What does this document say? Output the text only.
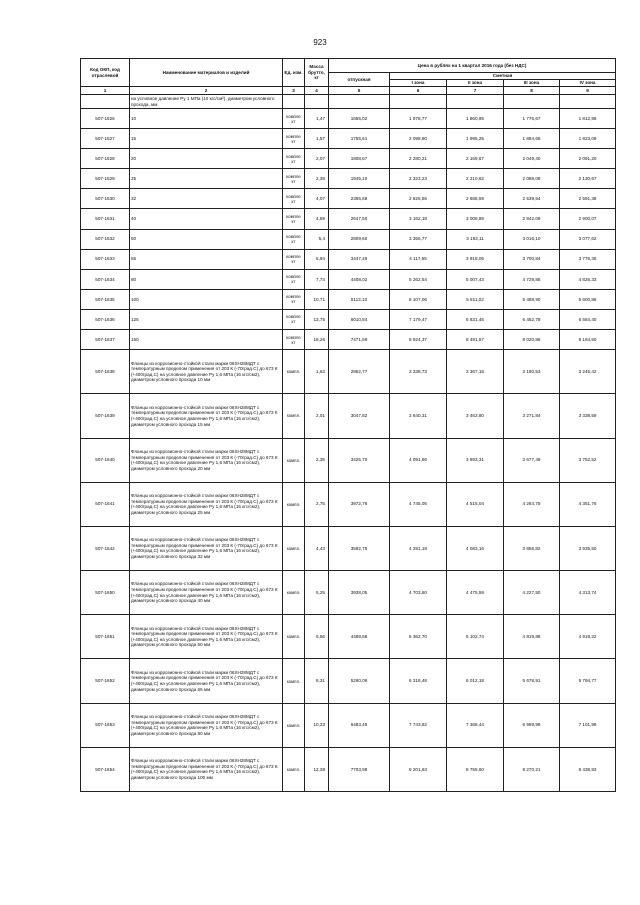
923
Код ОКП, код отраслевой	Наименование материалов и изделий	Ед. изм.	Масса брутто, кг	Цена в рублях на 1 квартал 2016 года (без НДС)				
				отпускная	Сметная			
					I зона	II зона	III зона	IV зона
1	2	3	4	5	6	7	8	9
	на условное давление Ру 1 МПа (10 кгс/см²), диаметром условного прохода, мм							
507-1626	10	компле кт	1,47	1655,02	1 978,77	1 860,95	1 776,67	1 812,98
507-1627	15	компле кт	1,57	1755,61	2 098,90	1 995,25	1 884,65	1 923,09
507-1628	20	компле кт	2,07	1908,67	2 280,21	2 169,67	2 049,40	2 091,20
507-1629	25	компле кт	2,38	1945,10	2 323,23	2 210,62	2 088,08	2 130,67
507-1630	32	компле кт	4,07	2365,68	2 825,56	2 688,59	2 539,54	2 591,38
507-1631	40	компле кт	4,69	2647,50	3 162,18	3 008,89	2 842,09	2 900,07
507-1632	50	компле кт	5,4	2809,60	3 355,77	3 193,11	3 016,10	3 077,62
507-1633	65	компле кт	5,94	3447,46	4 117,65	3 918,05	3 700,84	3 776,35
507-1634	80	компле кт	7,74	4408,02	5 262,54	5 007,43	4 729,85	4 826,33
507-1635	100	компле кт	10,71	5113,10	6 107,06	5 811,02	5 488,90	5 600,86
507-1636	125	компле кт	13,75	6010,84	7 179,47	6 831,46	6 452,78	6 584,40
507-1637	150	компле кт	18,26	7471,69	8 924,37	8 491,57	8 020,86	8 184,50
507-1638	Фланцы из коррозионно-стойкой стали марки 06ХН28МДТ с температурным пределом применения от 203 К (-70град.С) до 673 К (+400град.С) на условное давление Ру 1,6 МПа (16 кгс/см2), диаметром условного прохода 10 мм	компл.	1,63	2862,77	3 338,73	3 367,18	3 180,53	3 245,42
507-1639	Фланцы из коррозионно-стойкой стали марки 06ХН28МДТ с температурным пределом применения от 203 К (-70град.С) до 673 К (+400град.С) на условное давление Ру 1,6 МПа (16 кгс/см2), диаметром условного прохода 15 мм	компл.	2,01	3047,82	3 640,31	3 463,80	3 271,84	3 338,59
507-1640	Фланцы из коррозионно-стойкой стали марки 06ХН28МДТ с температурным пределом применения от 203 К (-70град.С) до 673 К (+400град.С) на условное давление Ру 1,6 МПа (16 кгс/см2), диаметром условного прохода 20 мм	компл.	2,35	3425,70	4 091,66	3 893,31	3 677,49	3 752,52
507-1641	Фланцы из коррозионно-стойкой стали марки 06ХН28МДТ с температурным пределом применения от 203 К (-70град.С) до 673 К (+400град.С) на условное давление Ру 1,6 МПа (16 кгс/см2), диаметром условного прохода 25 мм	компл.	2,75	3972,76	4 745,05	4 515,04	4 264,75	4 351,76
507-1642	Фланцы из коррозионно-стойкой стали марки 06ХН28МДТ с температурным пределом применения от 203 К (-70град.С) до 673 К (+400град.С) на условное давление Ру 1,6 МПа (16 кгс/см2), диаметром условного прохода 32 мм	компл.	4,43	3592,75	4 291,18	4 083,16	3 856,82	3 935,50
507-1650	Фланцы из коррозионно-стойкой стали марки 06ХН28МДТ с температурным пределом применения от 203 К (-70град.С) до 673 К (+400град.С) на условное давление Ру 1,6 МПа (16 кгс/см2), диаметром условного прохода 40 мм	компл.	5,25	3938,05	4 703,60	4 475,59	4 227,50	4 313,74
507-1651	Фланцы из коррозионно-стойкой стали марки 06ХН28МДТ с температурным пределом применения от 203 К (-70град.С) до 673 К (+400град.С) на условное давление Ру 1,6 МПа (16 кгс/см2), диаметром условного прохода 50 мм	компл.	6,56	4489,68	5 362,70	5 102,74	4 819,88	4 918,22
507-1652	Фланцы из коррозионно-стойкой стали марки 06ХН28МДТ с температурным пределом применения от 203 К (-70град.С) до 673 К (+400град.С) на условное давление Ру 1,6 МПа (16 кгс/см2), диаметром условного прохода 65 мм	компл.	8,31	5290,09	6 318,48	6 012,18	5 678,91	5 794,77
507-1653	Фланцы из коррозионно-стойкой стали марки 06ХН28МДТ с температурным пределом применения от 203 К (-70град.С) до 673 К (+400град.С) на условное давление Ру 1,6 МПа (16 кгс/см2), диаметром условного прохода 80 мм	компл.	10,33	6483,45	7 743,82	7 368,44	6 959,98	7 101,98
507-1654	Фланцы из коррозионно-стойкой стали марки 06ХН28МДТ с температурным пределом применения от 203 К (-70град.С) до 673 К (+400град.С) на условное давление Ру 1,6 МПа (16 кгс/см2), диаметром условного прохода 100 мм	компл.	12,38	7703,98	9 201,63	8 755,60	8 270,21	8 438,93
